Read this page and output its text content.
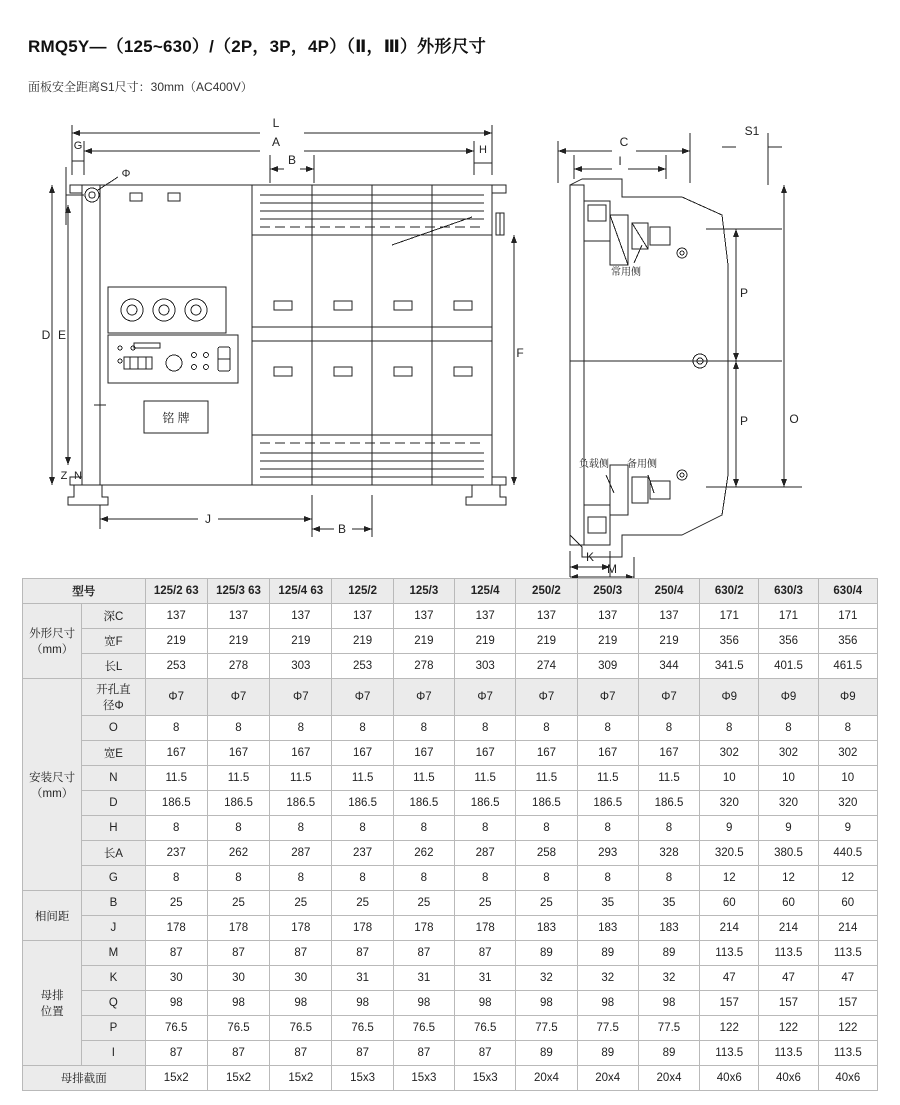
RMQ5Y—（125~630）/（2P，3P，4P）（Ⅱ，Ⅲ）外形尺寸
面板安全距离S1尺寸：30mm（AC400V）
L
A
G	H
B
Φ
铭 牌
D E
Z N
F
J
B
C
S1
I
常用侧
负载侧 备用侧
P
P	O
K
M
型号		125/2 63	125/3 63	125/4 63	125/2	125/3	125/4	250/2	250/3	250/4	630/2	630/3	630/4

外形尺寸
（mm）	深C	137	137	137	137	137	137	137	137	137	171	171	171
	宽F	219	219	219	219	219	219	219	219	219	356	356	356
	长L	253	278	303	253	278	303	274	309	344	341.5	401.5	461.5

安装尺寸
（mm）

开孔直
径Φ
	Φ7	Φ7	Φ7	Φ7	Φ7	Φ7	Φ7	Φ7	Φ7	Φ9	Φ9	Φ9
	O	8	8	8	8	8	8	8	8	8	8	8	8
	宽E	167	167	167	167	167	167	167	167	167	302	302	302
	N	11.5	11.5	11.5	11.5	11.5	11.5	11.5	11.5	11.5	10	10	10
	D	186.5	186.5	186.5	186.5	186.5	186.5	186.5	186.5	186.5	320	320	320
	H	8	8	8	8	8	8	8	8	8	9	9	9
	长A	237	262	287	237	262	287	258	293	328	320.5	380.5	440.5
	G	8	8	8	8	8	8	8	8	8	12	12	12

相间距	B	25	25	25	25	25	25	25	35	35	60	60	60
	J	178	178	178	178	178	178	183	183	183	214	214	214

母排
位置	M	87	87	87	87	87	87	89	89	89	113.5	113.5	113.5
	K	30	30	30	31	31	31	32	32	32	47	47	47
	Q	98	98	98	98	98	98	98	98	98	157	157	157
	P	76.5	76.5	76.5	76.5	76.5	76.5	77.5	77.5	77.5	122	122	122
	I	87	87	87	87	87	87	89	89	89	113.5	113.5	113.5
母排截面		15x2	15x2	15x2	15x3	15x3	15x3	20x4	20x4	20x4	40x6	40x6	40x6
